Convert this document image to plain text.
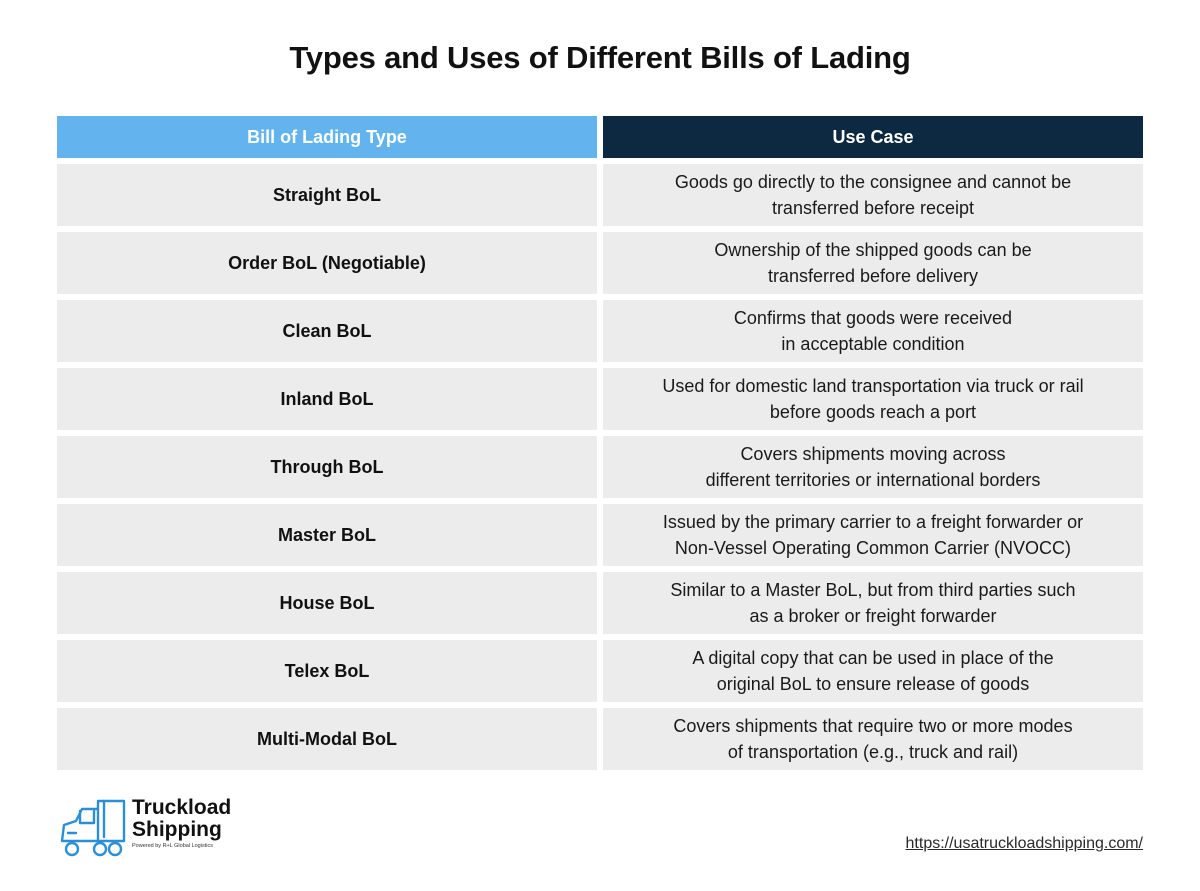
Types and Uses of Different Bills of Lading
Bill of Lading Type	Use Case
Straight BoL
Goods go directly to the consignee and cannot be
transferred before receipt
Order BoL (Negotiable)
Ownership of the shipped goods can be
transferred before delivery
Clean BoL
Confirms that goods were received
in acceptable condition
Inland BoL
Used for domestic land transportation via truck or rail
before goods reach a port
Through BoL
Covers shipments moving across
different territories or international borders
Master BoL
Issued by the primary carrier to a freight forwarder or
Non-Vessel Operating Common Carrier (NVOCC)
House BoL
Similar to a Master BoL, but from third parties such
as a broker or freight forwarder
Telex BoL
A digital copy that can be used in place of the
original BoL to ensure release of goods
Multi-Modal BoL
Covers shipments that require two or more modes
of transportation (e.g., truck and rail)
Truckload
Shipping
Powered by R+L Global Logistics	https://usatruckloadshipping.com/
